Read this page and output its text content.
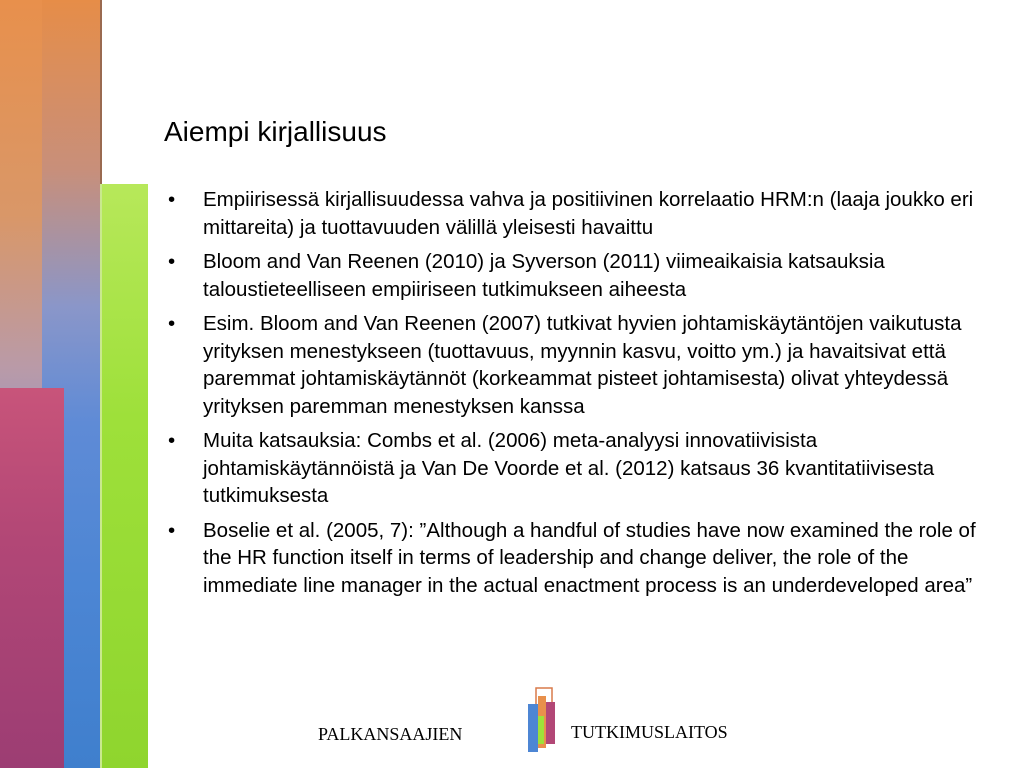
Aiempi kirjallisuus
• Empiirisessä kirjallisuudessa vahva ja positiivinen korrelaatio HRM:n (laaja joukko eri mittareita) ja tuottavuuden välillä yleisesti havaittu
• Bloom and Van Reenen (2010) ja Syverson (2011) viimeaikaisia katsauksia taloustieteelliseen empiiriseen tutkimukseen aiheesta
• Esim. Bloom and Van Reenen (2007) tutkivat hyvien johtamiskäytäntöjen vaikutusta yrityksen menestykseen (tuottavuus, myynnin kasvu, voitto ym.) ja havaitsivat että paremmat johtamiskäytännöt (korkeammat pisteet johtamisesta) olivat yhteydessä yrityksen paremman menestyksen kanssa
• Muita katsauksia: Combs et al. (2006) meta-analyysi innovatiivisista johtamiskäytännöistä ja Van De Voorde et al. (2012) katsaus 36 kvantitatiivisesta tutkimuksesta
• Boselie et al. (2005, 7): ”Although a handful of studies have now examined the role of the HR function itself in terms of leadership and change deliver, the role of the immediate line manager in the actual enactment process is an underdeveloped area”
PALKANSAAJIEN	TUTKIMUSLAITOS
